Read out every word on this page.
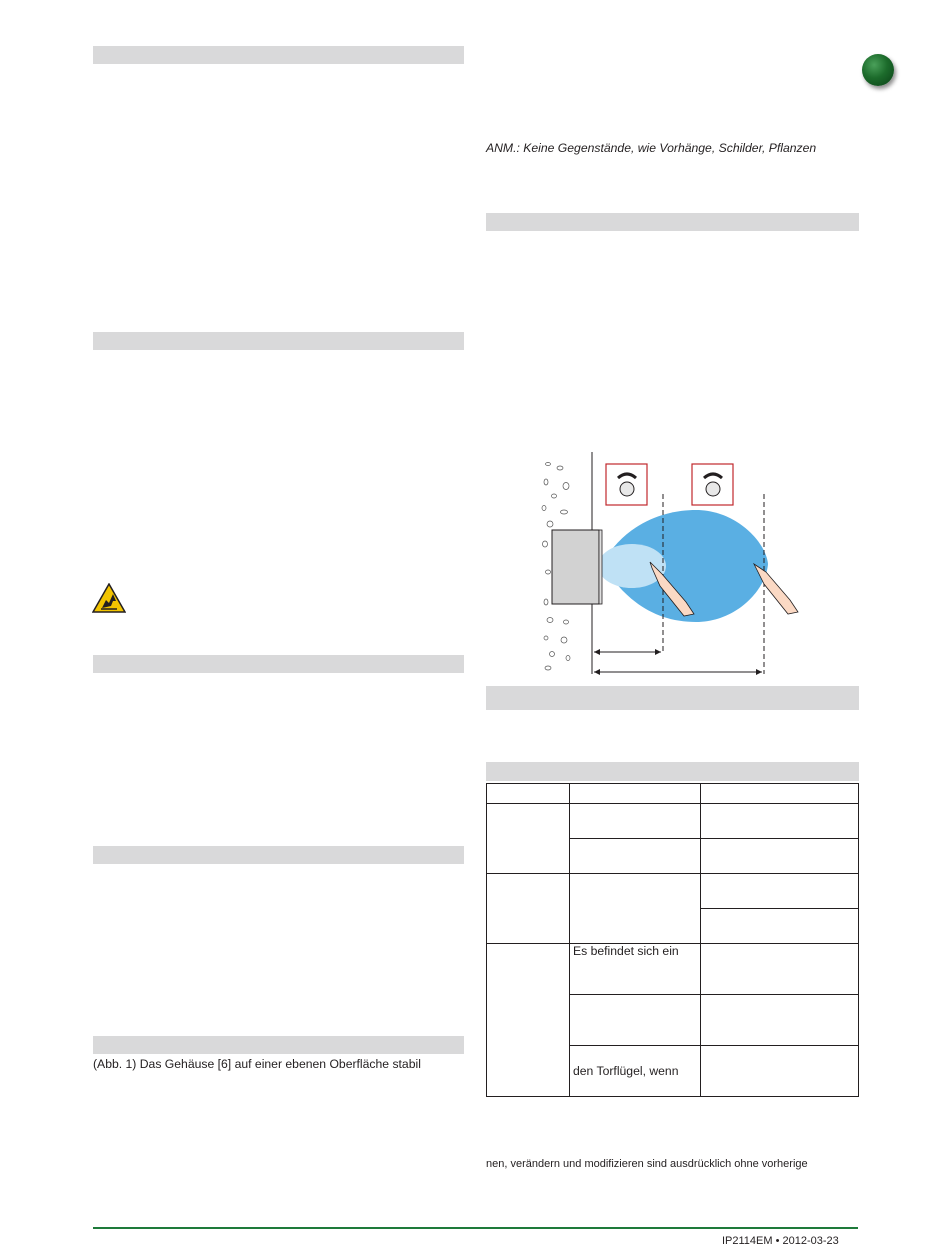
(Abb. 1) Das Gehäuse [6] auf einer ebenen Oberfläche stabil
ANM.: Keine Gegenstände, wie Vorhänge, Schilder, Pflanzen

	Es befindet sich ein	

	den Torflügel, wenn	
nen, verändern und modifizieren sind ausdrücklich ohne vorherige
IP2114EM • 2012-03-23
